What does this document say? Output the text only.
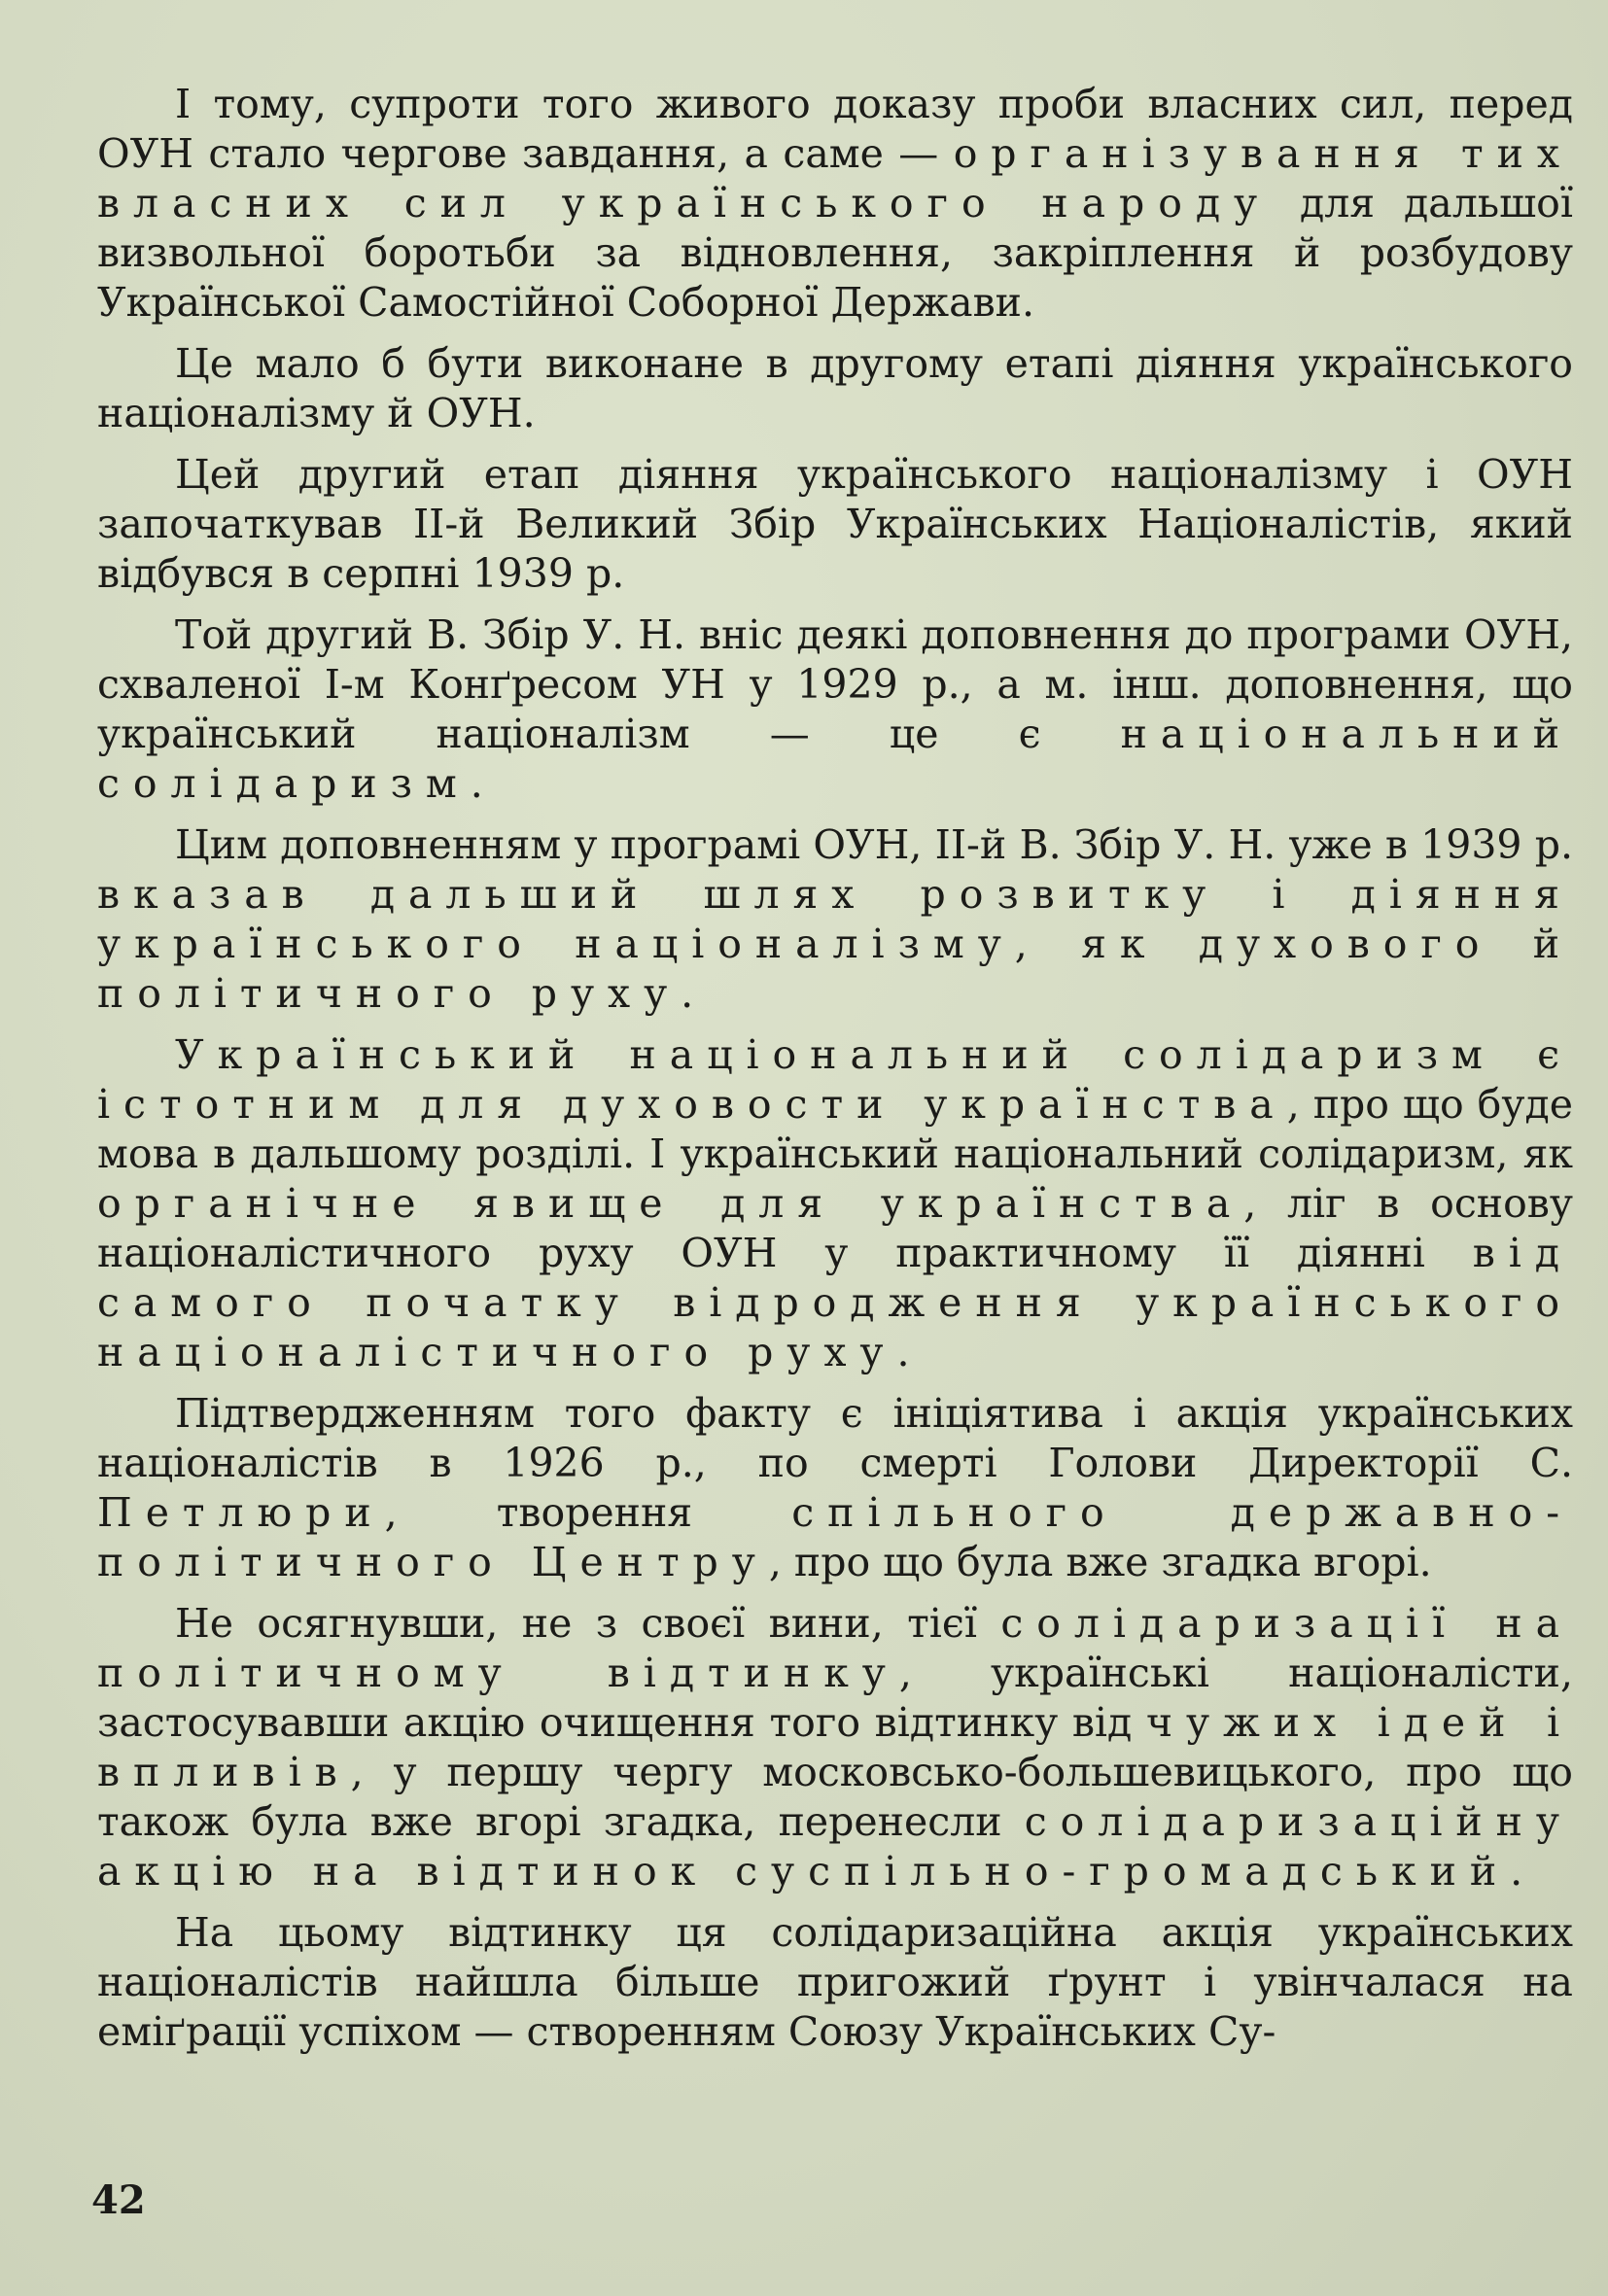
І тому, супроти того живого доказу проби власних сил, перед ОУН стало чергове завдання, а саме — організування тих власних сил українського народу для дальшої визвольної боротьби за відновлення, закріплення й розбудову Української Самостійної Соборної Держави.

Це мало б бути виконане в другому етапі діяння українського націоналізму й ОУН.

Цей другий етап діяння українського націоналізму і ОУН започаткував ІІ-й Великий Збір Українських Націоналістів, який відбувся в серпні 1939 р.

Той другий В. Збір У. Н. вніс деякі доповнення до програми ОУН, схваленої І-м Конґресом УН у 1929 р., а м. інш. доповнення, що український націоналізм — це є національний солідаризм.

Цим доповненням у програмі ОУН, ІІ-й В. Збір У. Н. уже в 1939 р. вказав дальший шлях розвитку і діяння українського націоналізму, як духового й політичного руху.

Український національний солідаризм є істотним для духовости українства, про що буде мова в дальшому розділі. І український національний солідаризм, як органічне явище для українства, ліг в основу націоналістичного руху ОУН у практичному її діянні від самого початку відродження українського націоналістичного руху.

Підтвердженням того факту є ініціятива і акція українських націоналістів в 1926 р., по смерті Голови Директорії С. Петлюри, творення спільного державно-політичного Центру, про що була вже згадка вгорі.

Не осягнувши, не з своєї вини, тієї солідаризації на політичному відтинку, українські націоналісти, застосувавши акцію очищення того відтинку від чужих ідей і впливів, у першу чергу московсько-большевицького, про що також була вже вгорі згадка, перенесли солідаризаційну акцію на відтинок суспільно-громадський.

На цьому відтинку ця солідаризаційна акція українських націоналістів найшла більше пригожий ґрунт і увінчалася на еміґрації успіхом — створенням Союзу Українських Су-

42
